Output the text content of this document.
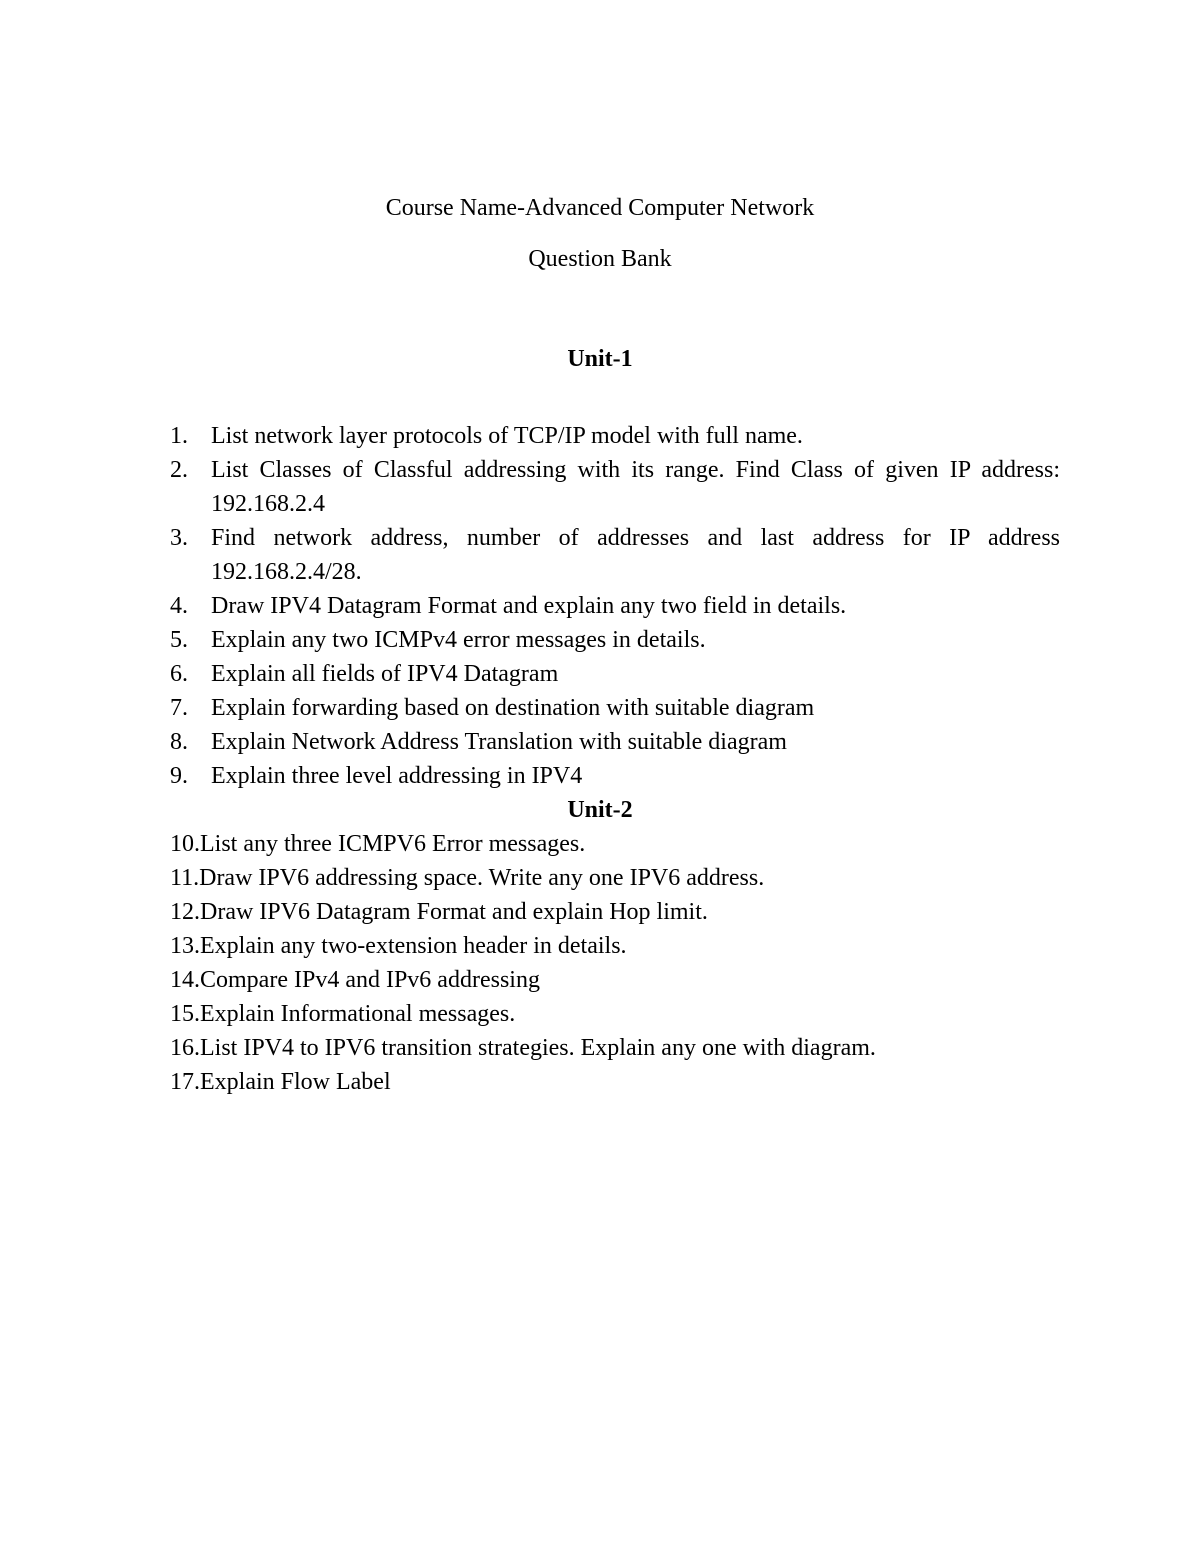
Course Name-Advanced Computer Network
Question Bank
Unit-1
1. List network layer protocols of TCP/IP model with full name.
2. List Classes of Classful addressing with its range. Find Class of given IP address: 192.168.2.4
3. Find network address, number of addresses and last address for IP address 192.168.2.4/28.
4. Draw IPV4 Datagram Format and explain any two field in details.
5. Explain any two ICMPv4 error messages in details.
6. Explain all fields of IPV4 Datagram
7. Explain forwarding based on destination with suitable diagram
8. Explain Network Address Translation with suitable diagram
9. Explain three level addressing in IPV4
Unit-2
10.List any three ICMPV6 Error messages.
11.Draw IPV6 addressing space. Write any one IPV6 address.
12.Draw IPV6 Datagram Format and explain Hop limit.
13.Explain any two-extension header in details.
14.Compare IPv4 and IPv6 addressing
15.Explain Informational messages.
16.List IPV4 to IPV6 transition strategies. Explain any one with diagram.
17.Explain Flow Label
